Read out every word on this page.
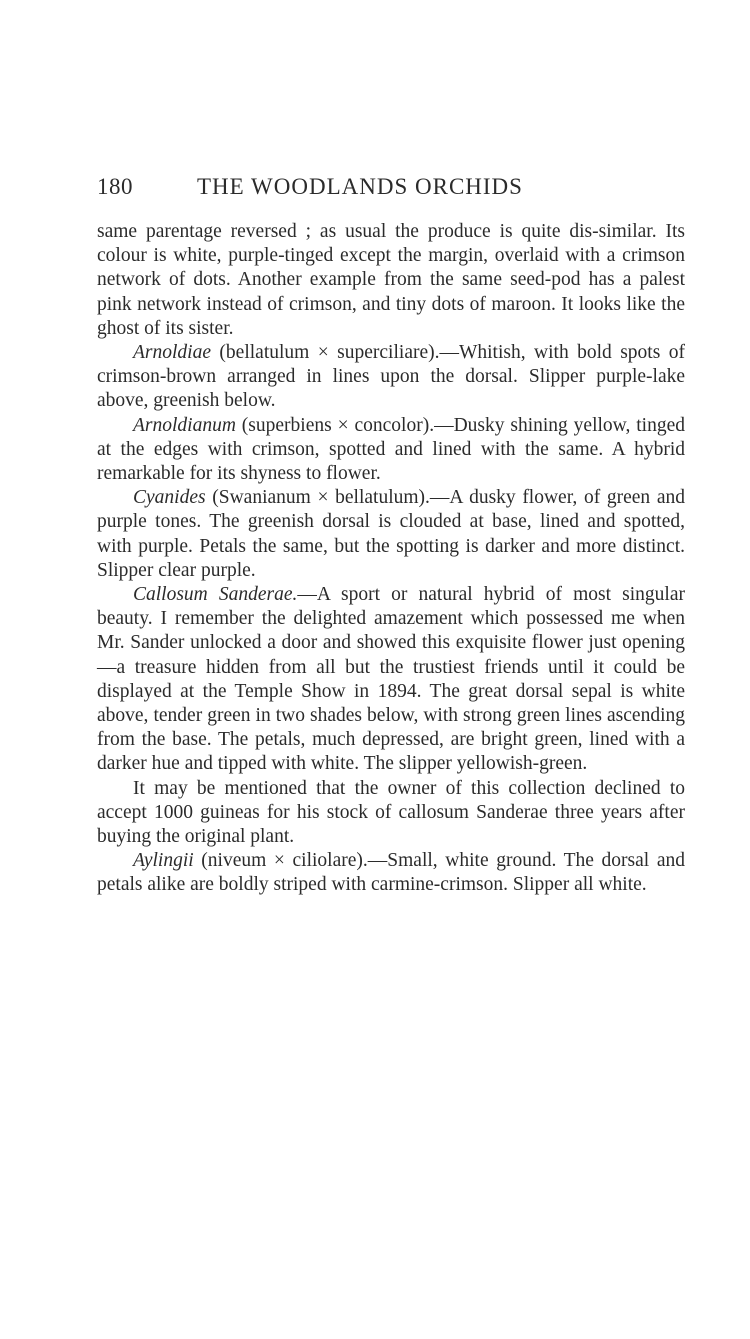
180	THE WOODLANDS ORCHIDS

same parentage reversed ; as usual the produce is quite dis-similar. Its colour is white, purple-tinged except the margin, overlaid with a crimson network of dots. Another example from the same seed-pod has a palest pink network instead of crimson, and tiny dots of maroon. It looks like the ghost of its sister.

Arnoldiae (bellatulum × superciliare).—Whitish, with bold spots of crimson-brown arranged in lines upon the dorsal. Slipper purple-lake above, greenish below.

Arnoldianum (superbiens × concolor).—Dusky shining yellow, tinged at the edges with crimson, spotted and lined with the same. A hybrid remarkable for its shyness to flower.

Cyanides (Swanianum × bellatulum).—A dusky flower, of green and purple tones. The greenish dorsal is clouded at base, lined and spotted, with purple. Petals the same, but the spotting is darker and more distinct. Slipper clear purple.

Callosum Sanderae.—A sport or natural hybrid of most singular beauty. I remember the delighted amazement which possessed me when Mr. Sander unlocked a door and showed this exquisite flower just opening—a treasure hidden from all but the trustiest friends until it could be displayed at the Temple Show in 1894. The great dorsal sepal is white above, tender green in two shades below, with strong green lines ascending from the base. The petals, much depressed, are bright green, lined with a darker hue and tipped with white. The slipper yellowish-green.

It may be mentioned that the owner of this collection declined to accept 1000 guineas for his stock of callosum Sanderae three years after buying the original plant.

Aylingii (niveum × ciliolare).—Small, white ground. The dorsal and petals alike are boldly striped with carmine-crimson. Slipper all white.
